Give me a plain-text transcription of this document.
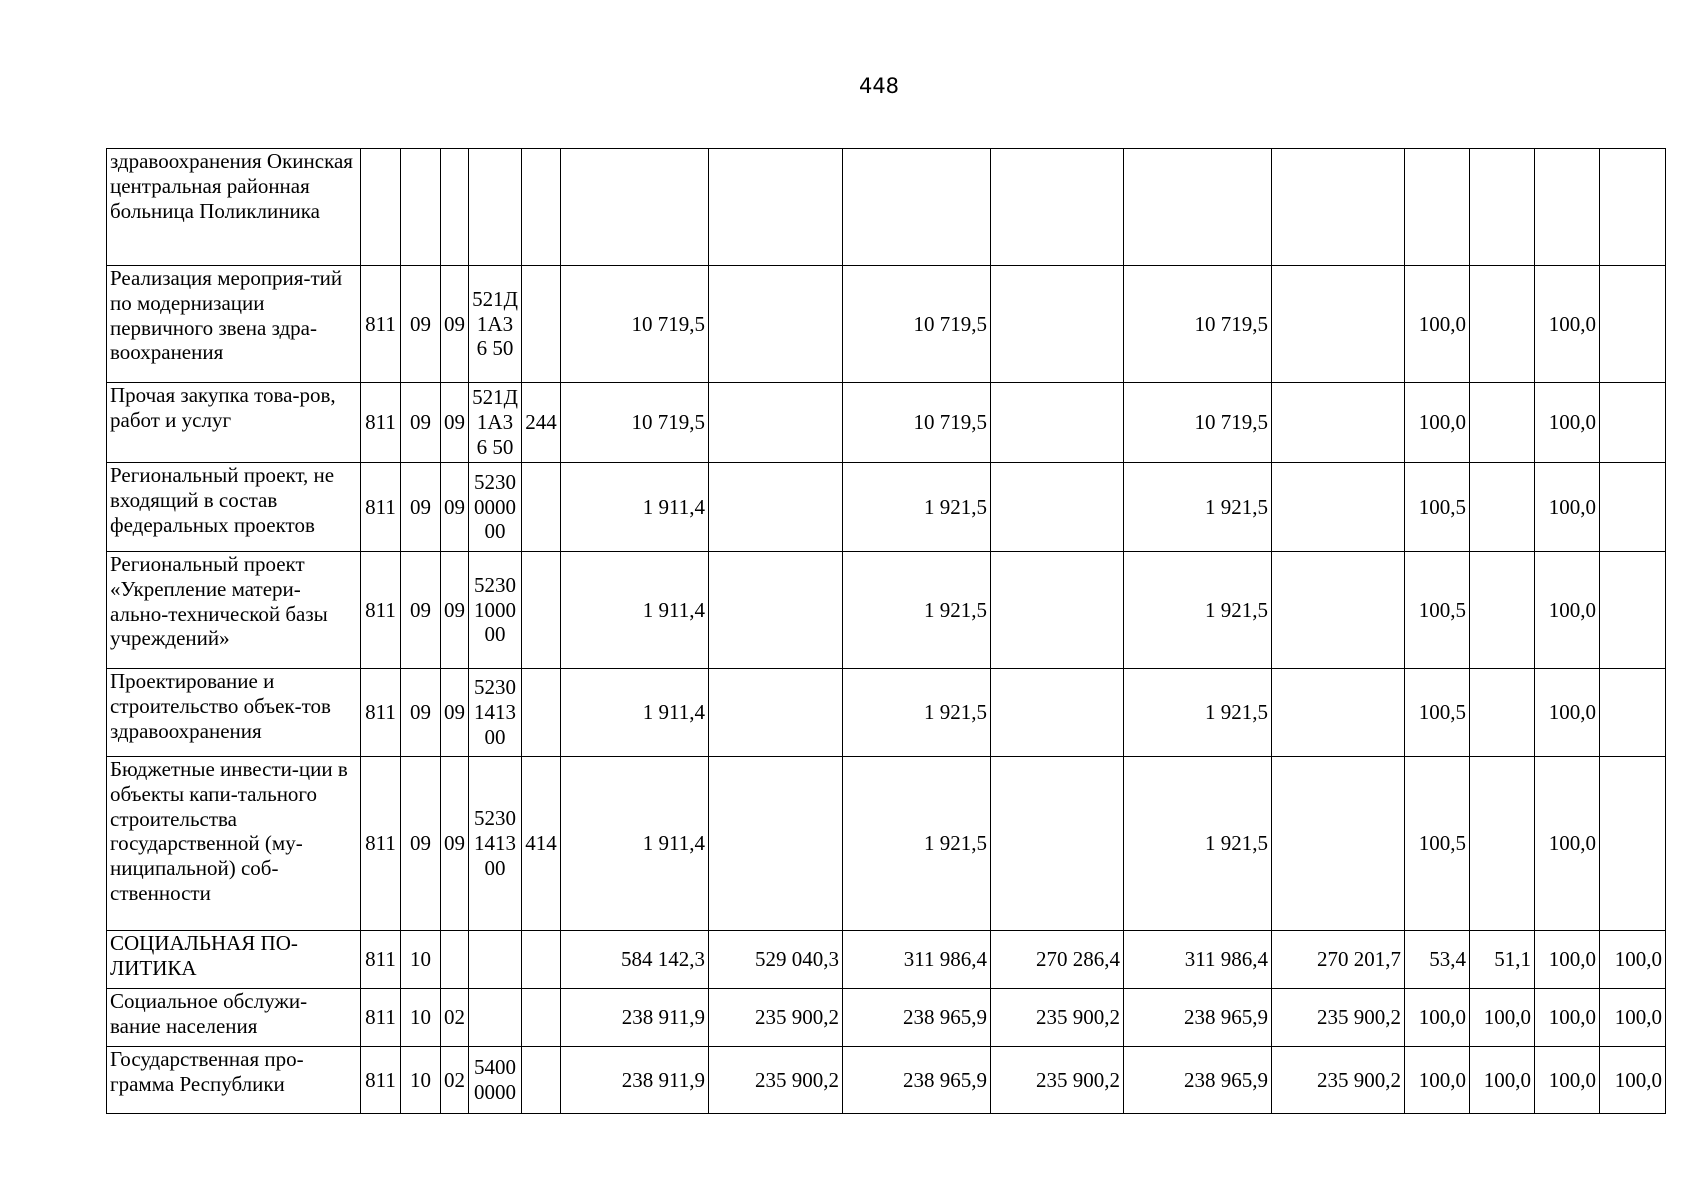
448
здравоохранения Окинская центральная районная больница Поликлиника															
Реализация мероприя-тий по модернизации первичного звена здра-воохранения	811	09	09	521Д 1А36 50		10 719,5		10 719,5		10 719,5		100,0		100,0	
Прочая закупка това-ров, работ и услуг	811	09	09	521Д 1А36 50	244	10 719,5		10 719,5		10 719,5		100,0		100,0	
Региональный проект, не входящий в состав федеральных проектов	811	09	09	5230 0000 00		1 911,4		1 921,5		1 921,5		100,5		100,0	
Региональный проект «Укрепление матери-ально-технической базы учреждений»	811	09	09	5230 1000 00		1 911,4		1 921,5		1 921,5		100,5		100,0	
Проектирование и строительство объек-тов здравоохранения	811	09	09	5230 1413 00		1 911,4		1 921,5		1 921,5		100,5		100,0	
Бюджетные инвести-ции в объекты капи-тального строительства государственной (му-ниципальной) соб-ственности	811	09	09	5230 1413 00	414	1 911,4		1 921,5		1 921,5		100,5		100,0	
СОЦИАЛЬНАЯ ПО-ЛИТИКА	811	10				584 142,3	529 040,3	311 986,4	270 286,4	311 986,4	270 201,7	53,4	51,1	100,0	100,0
Социальное обслужи-вание населения	811	10	02			238 911,9	235 900,2	238 965,9	235 900,2	238 965,9	235 900,2	100,0	100,0	100,0	100,0
Государственная про-грамма Республики	811	10	02	5400 0000		238 911,9	235 900,2	238 965,9	235 900,2	238 965,9	235 900,2	100,0	100,0	100,0	100,0
